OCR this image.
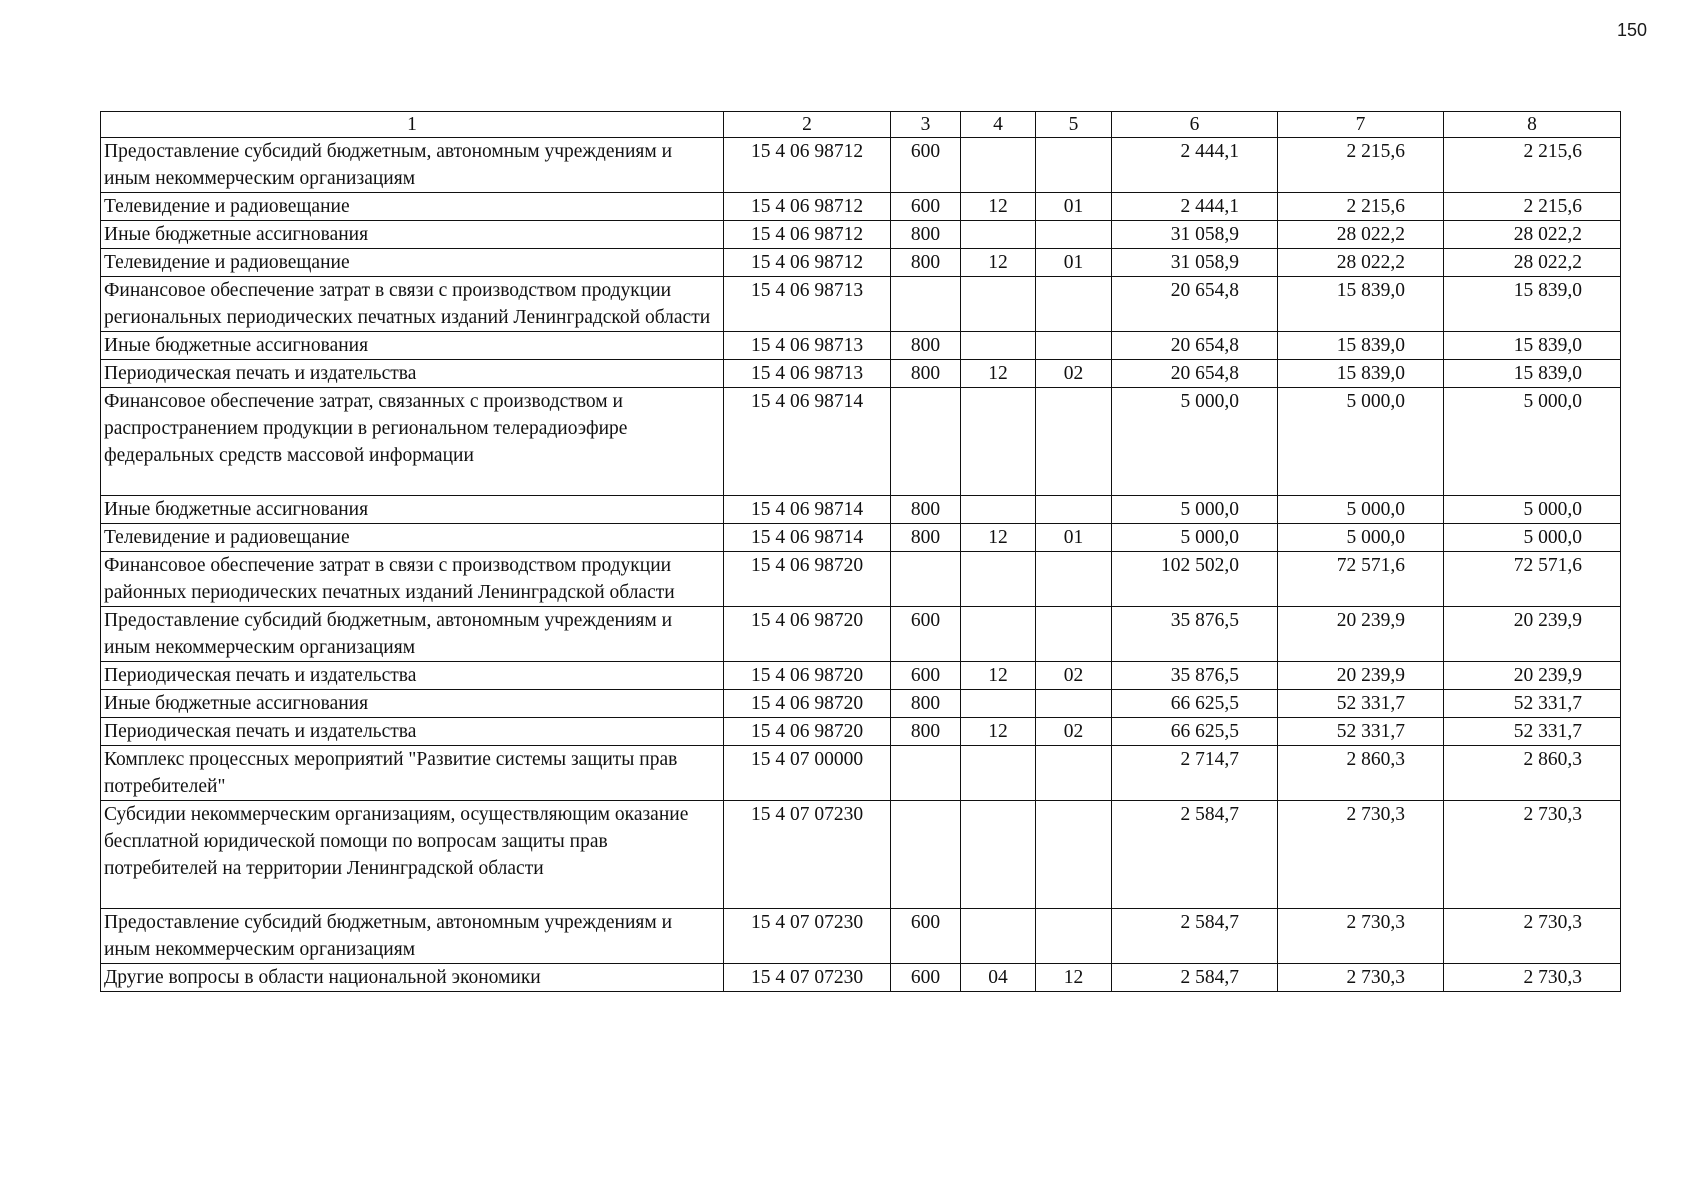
150
1	2	3	4	5	6	7	8
Предоставление субсидий бюджетным, автономным учреждениям и иным некоммерческим организациям	15 4 06 98712	600			2 444,1	2 215,6	2 215,6
Телевидение и радиовещание	15 4 06 98712	600	12	01	2 444,1	2 215,6	2 215,6
Иные бюджетные ассигнования	15 4 06 98712	800			31 058,9	28 022,2	28 022,2
Телевидение и радиовещание	15 4 06 98712	800	12	01	31 058,9	28 022,2	28 022,2
Финансовое обеспечение затрат в связи с производством продукции региональных периодических печатных изданий Ленинградской области	15 4 06 98713				20 654,8	15 839,0	15 839,0
Иные бюджетные ассигнования	15 4 06 98713	800			20 654,8	15 839,0	15 839,0
Периодическая печать и издательства	15 4 06 98713	800	12	02	20 654,8	15 839,0	15 839,0
Финансовое обеспечение затрат, связанных с производством и распространением продукции в региональном телерадиоэфире федеральных средств массовой информации	15 4 06 98714				5 000,0	5 000,0	5 000,0
Иные бюджетные ассигнования	15 4 06 98714	800			5 000,0	5 000,0	5 000,0
Телевидение и радиовещание	15 4 06 98714	800	12	01	5 000,0	5 000,0	5 000,0
Финансовое обеспечение затрат в связи с производством продукции районных периодических печатных изданий Ленинградской области	15 4 06 98720				102 502,0	72 571,6	72 571,6
Предоставление субсидий бюджетным, автономным учреждениям и иным некоммерческим организациям	15 4 06 98720	600			35 876,5	20 239,9	20 239,9
Периодическая печать и издательства	15 4 06 98720	600	12	02	35 876,5	20 239,9	20 239,9
Иные бюджетные ассигнования	15 4 06 98720	800			66 625,5	52 331,7	52 331,7
Периодическая печать и издательства	15 4 06 98720	800	12	02	66 625,5	52 331,7	52 331,7
Комплекс процессных мероприятий "Развитие системы защиты прав потребителей"	15 4 07 00000				2 714,7	2 860,3	2 860,3
Субсидии некоммерческим организациям, осуществляющим оказание бесплатной юридической помощи по вопросам защиты прав потребителей на территории Ленинградской области	15 4 07 07230				2 584,7	2 730,3	2 730,3
Предоставление субсидий бюджетным, автономным учреждениям и иным некоммерческим организациям	15 4 07 07230	600			2 584,7	2 730,3	2 730,3
Другие вопросы в области национальной экономики	15 4 07 07230	600	04	12	2 584,7	2 730,3	2 730,3
